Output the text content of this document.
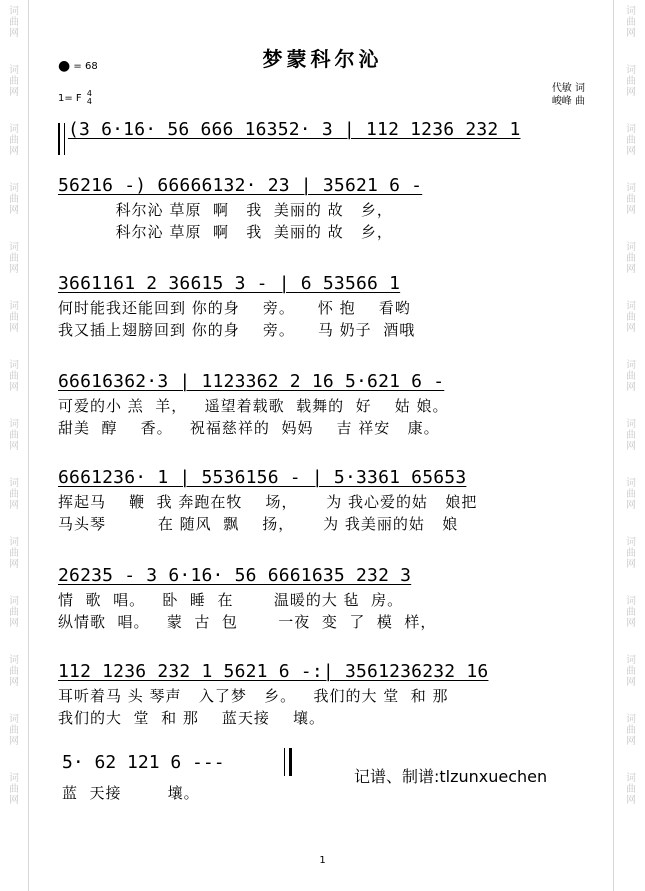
词
曲
网
词
曲
网
词
曲
网
词
曲
网
词
曲
网
词
曲
网
词
曲
网
词
曲
网
词
曲
网
词
曲
网
词
曲
网
词
曲
网
词
曲
网
词
曲
网
词
曲
网
词
曲
网
词
曲
网
词
曲
网
词
曲
网
词
曲
网
词
曲
网
词
曲
网
词
曲
网
词
曲
网
词
曲
网
词
曲
网
词
曲
网
词
曲
网
梦蒙科尔沁
● = 68
1= F 4
4
代敏 词
峻峰 曲
(3 6·16· 56 666 16352· 3 | 112 1236 232 1
56216 -) 66666132· 23 | 35621 6 -
科尔沁 草原  啊   我  美丽的 故   乡，
科尔沁 草原  啊   我  美丽的 故   乡，
3661161 2 36615 3 - | 6 53566 1
何时能我还能回到 你的身    旁。    怀 抱    看哟
我又插上翅膀回到 你的身    旁。    马 奶子  酒哦
66616362·3 | 1123362 2 16 5·621 6 -
可爱的小 羔  羊，   遥望着载歌  载舞的  好    姑 娘。
甜美  醇    香。   祝福慈祥的  妈妈    吉 祥安   康。
6661236· 1 | 5536156 - | 5·3361 65653
挥起马    鞭  我 奔跑在牧    场，     为 我心爱的姑   娘把
马头琴         在 随风  飘    扬，     为 我美丽的姑   娘
26235 - 3 6·16· 56 6661635 232 3
情  歌  唱。   卧  睡  在       温暖的大 毡  房。
纵情歌  唱。   蒙  古  包       一夜  变  了  模  样，
112 1236 232 1 5621 6 -:| 3561236232 16
耳听着马 头 琴声   入了梦   乡。   我们的大 堂  和 那
我们的大  堂  和 那    蓝天接    壤。
5· 62 121 6 ---
蓝  天接        壤。
记谱、制谱:tlzunxuechen
1
